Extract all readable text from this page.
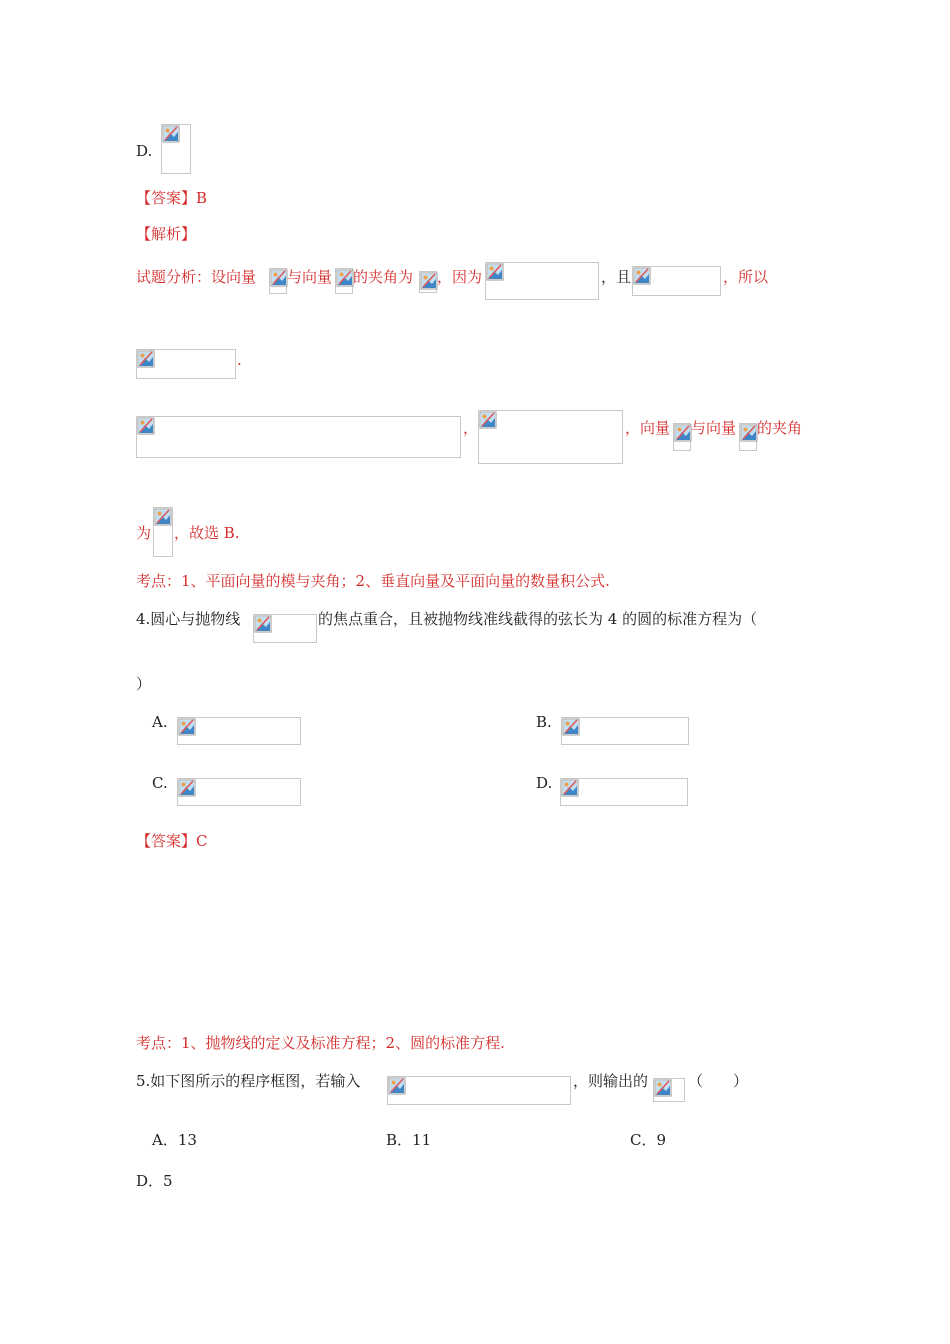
D.
【答案】B
【解析】
试题分析：设向量 与向量 的夹角为 ，因为	，且	，所以
.
，	，向量 与向量 的夹角
为 ，故选 B.
考点：1、平面向量的模与夹角；2、垂直向量及平面向量的数量积公式.
4.圆心与抛物线	的焦点重合，且被抛物线准线截得的弦长为 4 的圆的标准方程为（
）
A.	B.
C.	D.
【答案】C
考点：1、抛物线的定义及标准方程；2、圆的标准方程.
5.如下图所示的程序框图，若输入	，则输出的	（　　）
A．13	B．11	C．9
D．5
